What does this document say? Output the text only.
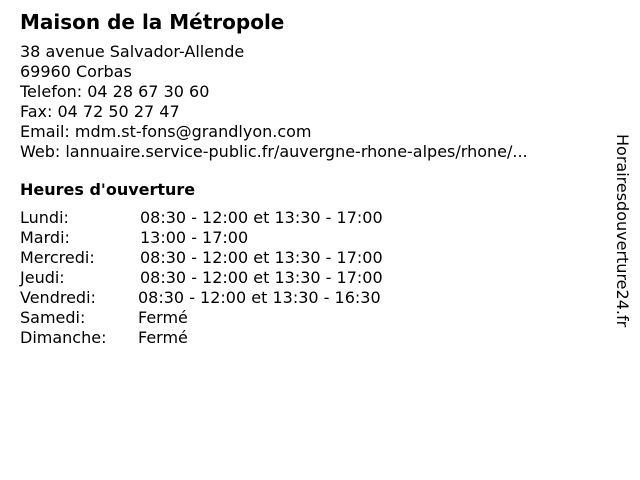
Maison de la Métropole
38 avenue Salvador-Allende
69960 Corbas
Telefon: 04 28 67 30 60
Fax: 04 72 50 27 47
Email: mdm.st-fons@grandlyon.com
Web: lannuaire.service-public.fr/auvergne-rhone-alpes/rhone/...
Heures d'ouverture
Lundi:	08:30 - 12:00 et 13:30 - 17:00
Mardi:	13:00 - 17:00
Mercredi:	08:30 - 12:00 et 13:30 - 17:00
Jeudi:	08:30 - 12:00 et 13:30 - 17:00
Vendredi:	08:30 - 12:00 et 13:30 - 16:30
Samedi:	Fermé
Dimanche: Fermé
Horairesdouverture24.fr
